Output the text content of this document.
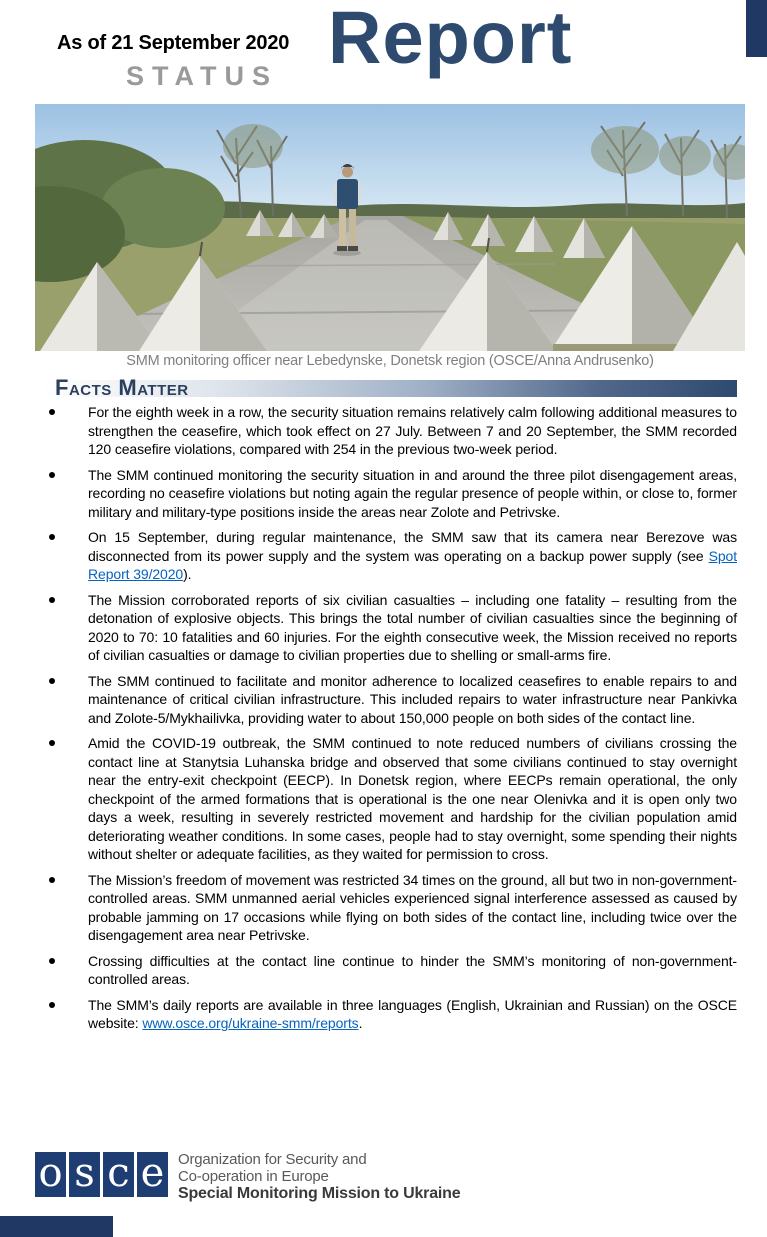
As of 21 September 2020
STATUS Report
SMM monitoring officer near Lebedynske, Donetsk region (OSCE/Anna Andrusenko)
Facts Matter
For the eighth week in a row, the security situation remains relatively calm following additional measures to strengthen the ceasefire, which took effect on 27 July. Between 7 and 20 September, the SMM recorded 120 ceasefire violations, compared with 254 in the previous two-week period.
The SMM continued monitoring the security situation in and around the three pilot disengagement areas, recording no ceasefire violations but noting again the regular presence of people within, or close to, former military and military-type positions inside the areas near Zolote and Petrivske.
On 15 September, during regular maintenance, the SMM saw that its camera near Berezove was disconnected from its power supply and the system was operating on a backup power supply (see Spot Report 39/2020).
The Mission corroborated reports of six civilian casualties – including one fatality – resulting from the detonation of explosive objects. This brings the total number of civilian casualties since the beginning of 2020 to 70: 10 fatalities and 60 injuries. For the eighth consecutive week, the Mission received no reports of civilian casualties or damage to civilian properties due to shelling or small-arms fire.
The SMM continued to facilitate and monitor adherence to localized ceasefires to enable repairs to and maintenance of critical civilian infrastructure. This included repairs to water infrastructure near Pankivka and Zolote-5/Mykhailivka, providing water to about 150,000 people on both sides of the contact line.
Amid the COVID-19 outbreak, the SMM continued to note reduced numbers of civilians crossing the contact line at Stanytsia Luhanska bridge and observed that some civilians continued to stay overnight near the entry-exit checkpoint (EECP). In Donetsk region, where EECPs remain operational, the only checkpoint of the armed formations that is operational is the one near Olenivka and it is open only two days a week, resulting in severely restricted movement and hardship for the civilian population amid deteriorating weather conditions. In some cases, people had to stay overnight, some spending their nights without shelter or adequate facilities, as they waited for permission to cross.
The Mission’s freedom of movement was restricted 34 times on the ground, all but two in non-government-controlled areas. SMM unmanned aerial vehicles experienced signal interference assessed as caused by probable jamming on 17 occasions while flying on both sides of the contact line, including twice over the disengagement area near Petrivske.
Crossing difficulties at the contact line continue to hinder the SMM’s monitoring of non-government-controlled areas.
The SMM’s daily reports are available in three languages (English, Ukrainian and Russian) on the OSCE website: www.osce.org/ukraine-smm/reports.
o s c e Organization for Security and
Co-operation in Europe
Special Monitoring Mission to Ukraine
